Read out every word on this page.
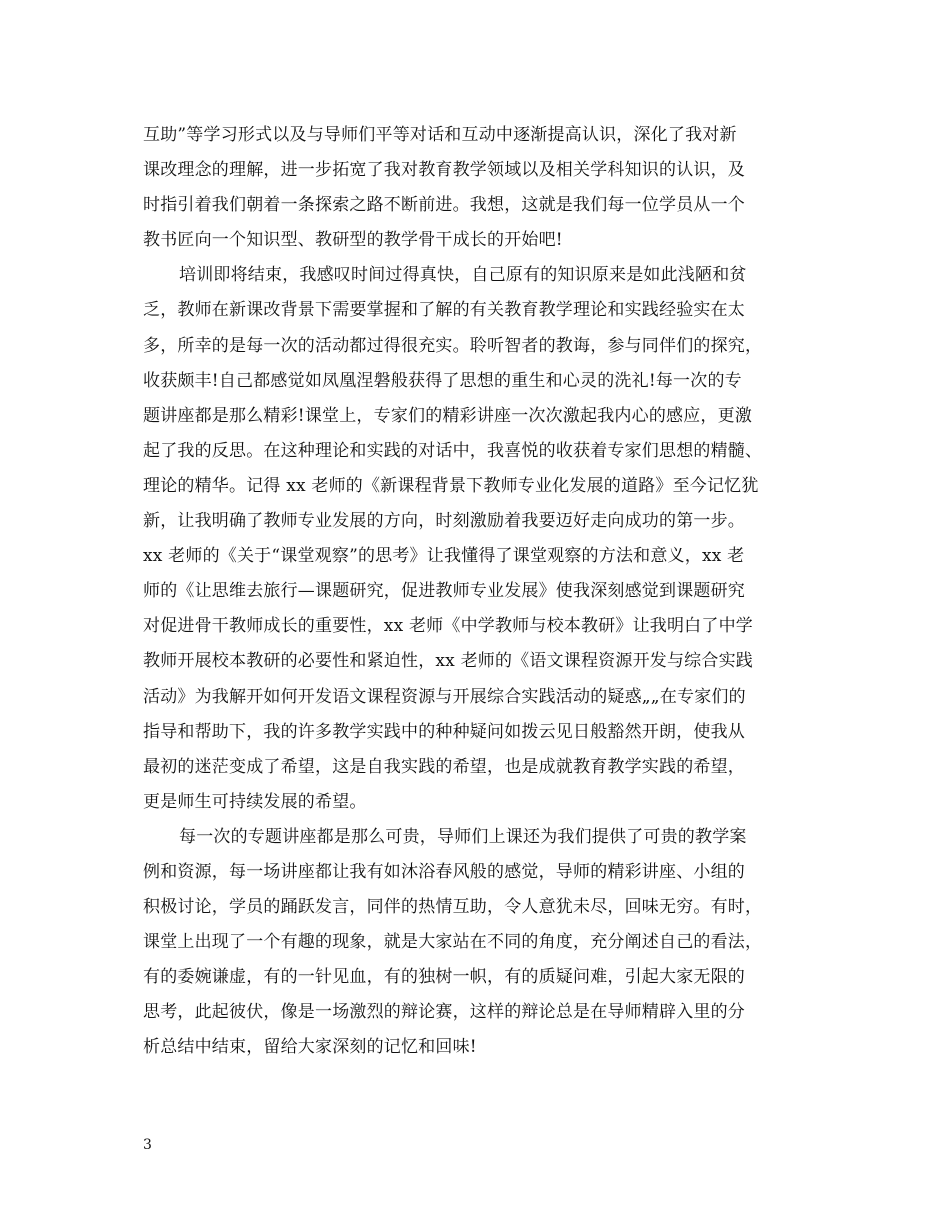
互助”等学习形式以及与导师们平等对话和互动中逐渐提高认识，深化了我对新
课改理念的理解，进一步拓宽了我对教育教学领域以及相关学科知识的认识，及
时指引着我们朝着一条探索之路不断前进。我想，这就是我们每一位学员从一个
教书匠向一个知识型、教研型的教学骨干成长的开始吧!
培训即将结束，我感叹时间过得真快，自己原有的知识原来是如此浅陋和贫
乏，教师在新课改背景下需要掌握和了解的有关教育教学理论和实践经验实在太
多，所幸的是每一次的活动都过得很充实。聆听智者的教诲，参与同伴们的探究，
收获颇丰!自己都感觉如凤凰涅磐般获得了思想的重生和心灵的洗礼!每一次的专
题讲座都是那么精彩!课堂上，专家们的精彩讲座一次次激起我内心的感应，更激
起了我的反思。在这种理论和实践的对话中，我喜悦的收获着专家们思想的精髓、
理论的精华。记得 xx 老师的《新课程背景下教师专业化发展的道路》至今记忆犹
新，让我明确了教师专业发展的方向，时刻激励着我要迈好走向成功的第一步。
xx 老师的《关于“课堂观察”的思考》让我懂得了课堂观察的方法和意义，xx 老
师的《让思维去旅行—课题研究，促进教师专业发展》使我深刻感觉到课题研究
对促进骨干教师成长的重要性，xx 老师《中学教师与校本教研》让我明白了中学
教师开展校本教研的必要性和紧迫性，xx 老师的《语文课程资源开发与综合实践
活动》为我解开如何开发语文课程资源与开展综合实践活动的疑惑„„在专家们的
指导和帮助下，我的许多教学实践中的种种疑问如拨云见日般豁然开朗，使我从
最初的迷茫变成了希望，这是自我实践的希望，也是成就教育教学实践的希望，
更是师生可持续发展的希望。
每一次的专题讲座都是那么可贵，导师们上课还为我们提供了可贵的教学案
例和资源，每一场讲座都让我有如沐浴春风般的感觉，导师的精彩讲座、小组的
积极讨论，学员的踊跃发言，同伴的热情互助，令人意犹未尽，回味无穷。有时，
课堂上出现了一个有趣的现象，就是大家站在不同的角度，充分阐述自己的看法，
有的委婉谦虚，有的一针见血，有的独树一帜，有的质疑问难，引起大家无限的
思考，此起彼伏，像是一场激烈的辩论赛，这样的辩论总是在导师精辟入里的分
析总结中结束，留给大家深刻的记忆和回味!
3
